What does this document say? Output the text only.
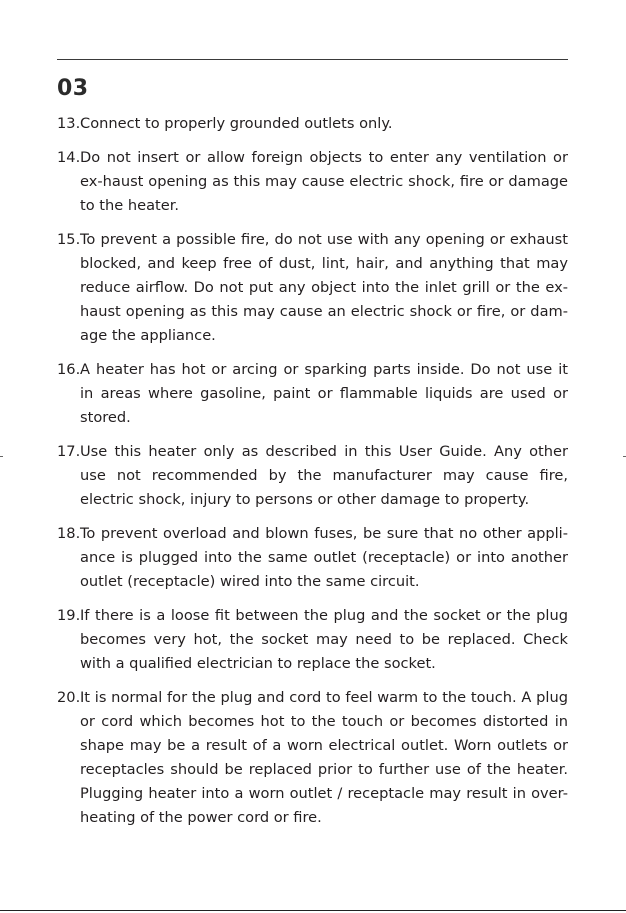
03
13. Connect to properly grounded outlets only.
14. Do not insert or allow foreign objects to enter any ventilation or ex-haust opening as this may cause electric shock, fire or damage to the heater.
15. To prevent a possible fire, do not use with any opening or exhaust blocked, and keep free of dust, lint, hair, and anything that may reduce airflow. Do not put any object into the inlet grill or the ex-haust opening as this may cause an electric shock or fire, or dam-age the appliance.
16. A heater has hot or arcing or sparking parts inside. Do not use it in areas where gasoline, paint or flammable liquids are used or stored.
17. Use this heater only as described in this User Guide. Any other use not recommended by the manufacturer may cause fire, electric shock, injury to persons or other damage to property.
18. To prevent overload and blown fuses, be sure that no other appli-ance is plugged into the same outlet (receptacle) or into another outlet (receptacle) wired into the same circuit.
19. If there is a loose fit between the plug and the socket or the plug becomes very hot, the socket may need to be replaced. Check with a qualified electrician to replace the socket.
20. It is normal for the plug and cord to feel warm to the touch. A plug or cord which becomes hot to the touch or becomes distorted in shape may be a result of a worn electrical outlet. Worn outlets or receptacles should be replaced prior to further use of the heater. Plugging heater into a worn outlet / receptacle may result in over-heating of the power cord or fire.
